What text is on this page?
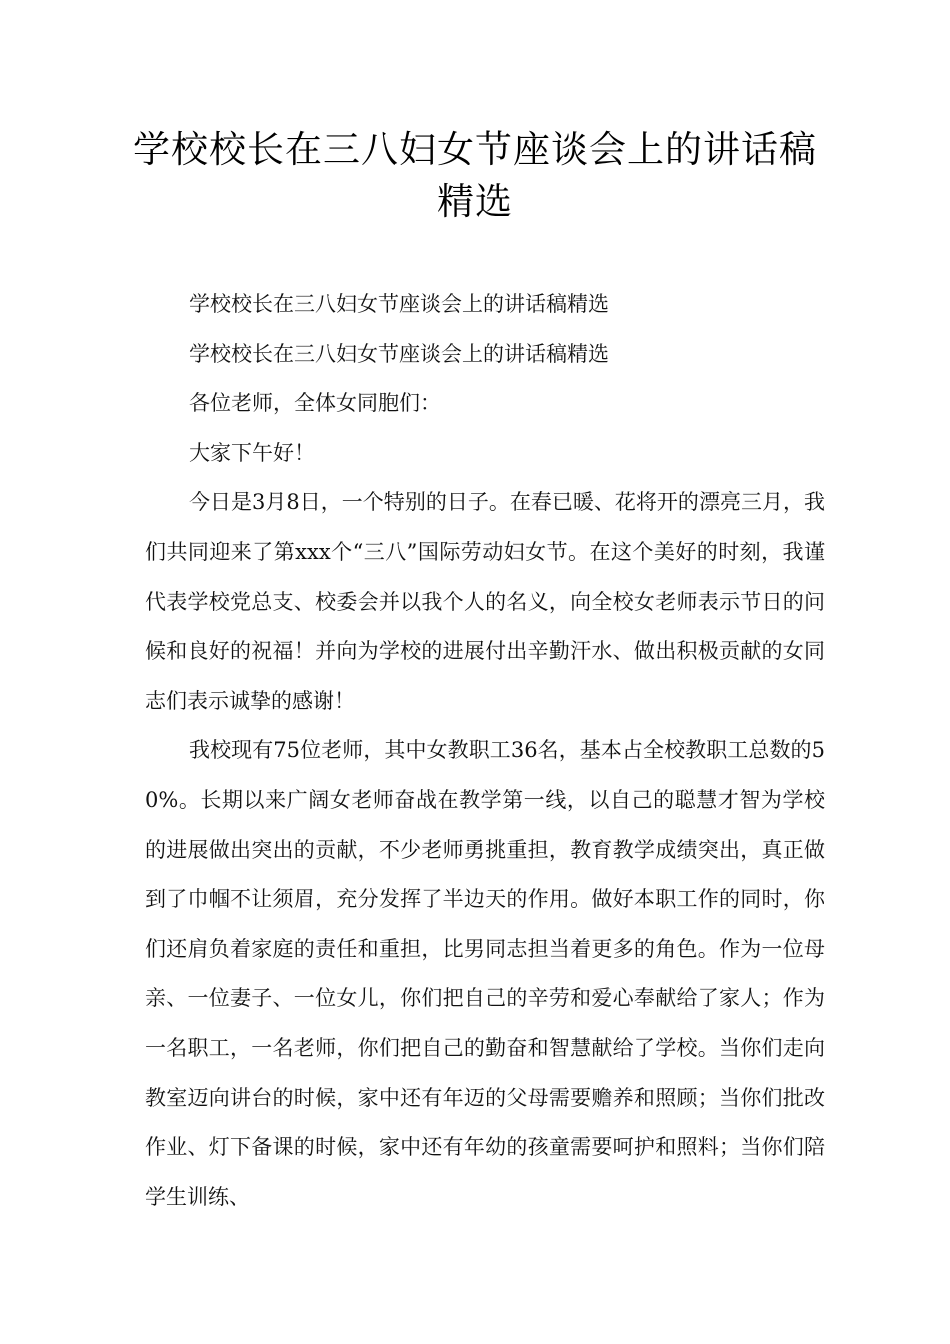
学校校长在三八妇女节座谈会上的讲话稿精选

学校校长在三八妇女节座谈会上的讲话稿精选

学校校长在三八妇女节座谈会上的讲话稿精选

各位老师，全体女同胞们：

大家下午好！

今日是3月8日，一个特别的日子。在春已暖、花将开的漂亮三月，我们共同迎来了第xxx个“三八”国际劳动妇女节。在这个美好的时刻，我谨代表学校党总支、校委会并以我个人的名义，向全校女老师表示节日的问候和良好的祝福！并向为学校的进展付出辛勤汗水、做出积极贡献的女同志们表示诚挚的感谢！

我校现有75位老师，其中女教职工36名，基本占全校教职工总数的50%。长期以来广阔女老师奋战在教学第一线，以自己的聪慧才智为学校的进展做出突出的贡献，不少老师勇挑重担，教育教学成绩突出，真正做到了巾帼不让须眉，充分发挥了半边天的作用。做好本职工作的同时，你们还肩负着家庭的责任和重担，比男同志担当着更多的角色。作为一位母亲、一位妻子、一位女儿，你们把自己的辛劳和爱心奉献给了家人；作为一名职工，一名老师，你们把自己的勤奋和智慧献给了学校。当你们走向教室迈向讲台的时候，家中还有年迈的父母需要赡养和照顾；当你们批改作业、灯下备课的时候，家中还有年幼的孩童需要呵护和照料；当你们陪学生训练、
